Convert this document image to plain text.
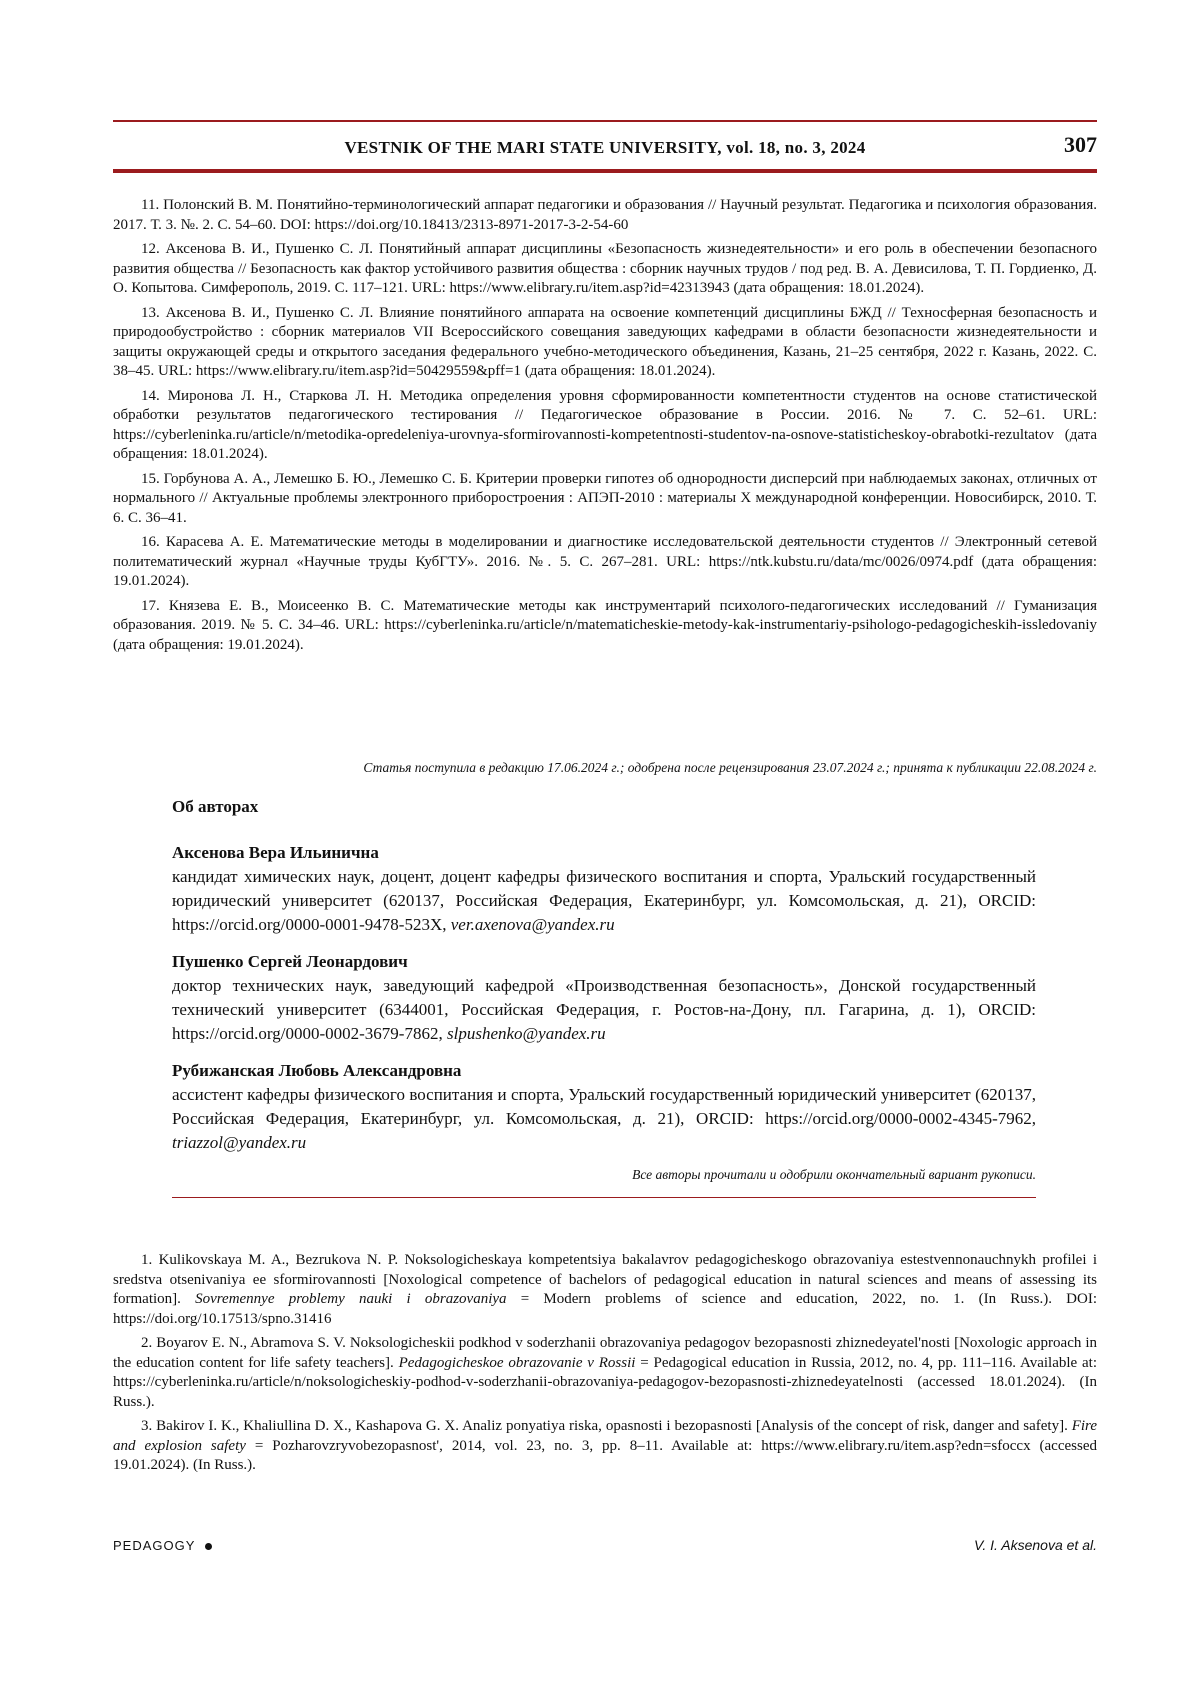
VESTNIK OF THE MARI STATE UNIVERSITY, vol. 18, no. 3, 2024	307

11. Полонский В. М. Понятийно-терминологический аппарат педагогики и образования // Научный результат. Педагогика и психология образования. 2017. Т. 3. №. 2. С. 54–60. DOI: https://doi.org/10.18413/2313-8971-2017-3-2-54-60

12. Аксенова В. И., Пушенко С. Л. Понятийный аппарат дисциплины «Безопасность жизнедеятельности» и его роль в обеспечении безопасного развития общества // Безопасность как фактор устойчивого развития общества : сборник научных трудов / под ред. В. А. Девисилова, Т. П. Гордиенко, Д. О. Копытова. Симферополь, 2019. С. 117–121. URL: https://www.elibrary.ru/item.asp?id=42313943 (дата обращения: 18.01.2024).

13. Аксенова В. И., Пушенко С. Л. Влияние понятийного аппарата на освоение компетенций дисциплины БЖД // Техносферная безопасность и природообустройство : сборник материалов VII Всероссийского совещания заведующих кафедрами в области безопасности жизнедеятельности и защиты окружающей среды и открытого заседания федерального учебно-методического объединения, Казань, 21–25 сентября, 2022 г. Казань, 2022. С. 38–45. URL: https://www.elibrary.ru/item.asp?id=50429559&pff=1 (дата обращения: 18.01.2024).

14. Миронова Л. Н., Старкова Л. Н. Методика определения уровня сформированности компетентности студентов на основе статистической обработки результатов педагогического тестирования // Педагогическое образование в России. 2016. № 7. С. 52–61. URL: https://cyberleninka.ru/article/n/metodika-opredeleniya-urovnya-sformirovannosti-kompetentnosti-studentov-na-osnove-statisticheskoy-obrabotki-rezultatov (дата обращения: 18.01.2024).

15. Горбунова А. А., Лемешко Б. Ю., Лемешко С. Б. Критерии проверки гипотез об однородности дисперсий при наблюдаемых законах, отличных от нормального // Актуальные проблемы электронного приборостроения : АПЭП-2010 : материалы X международной конференции. Новосибирск, 2010. Т. 6. С. 36–41.

16. Карасева А. Е. Математические методы в моделировании и диагностике исследовательской деятельности студентов // Электронный сетевой политематический журнал «Научные труды КубГТУ». 2016. №. 5. С. 267–281. URL: https://ntk.kubstu.ru/data/mc/0026/0974.pdf (дата обращения: 19.01.2024).

17. Князева Е. В., Моисеенко В. С. Математические методы как инструментарий психолого-педагогических исследований // Гуманизация образования. 2019. № 5. С. 34–46. URL: https://cyberleninka.ru/article/n/matematicheskie-metody-kak-instrumentariy-psihologo-pedagogicheskih-issledovaniy (дата обращения: 19.01.2024).

Статья поступила в редакцию 17.06.2024 г.; одобрена после рецензирования 23.07.2024 г.; принята к публикации 22.08.2024 г.
Об авторах
Аксенова Вера Ильинична
кандидат химических наук, доцент, доцент кафедры физического воспитания и спорта, Уральский государственный юридический университет (620137, Российская Федерация, Екатеринбург, ул. Комсомольская, д. 21), ORCID: https://orcid.org/0000-0001-9478-523X, ver.axenova@yandex.ru
Пушенко Сергей Леонардович
доктор технических наук, заведующий кафедрой «Производственная безопасность», Донской государственный технический университет (6344001, Российская Федерация, г. Ростов-на-Дону, пл. Гагарина, д. 1), ORCID: https://orcid.org/0000-0002-3679-7862, slpushenko@yandex.ru
Рубижанская Любовь Александровна
ассистент кафедры физического воспитания и спорта, Уральский государственный юридический университет (620137, Российская Федерация, Екатеринбург, ул. Комсомольская, д. 21), ORCID: https://orcid.org/0000-0002-4345-7962, triazzol@yandex.ru
Все авторы прочитали и одобрили окончательный вариант рукописи.

1. Kulikovskaya M. A., Bezrukova N. P. Noksologicheskaya kompetentsiya bakalavrov pedagogicheskogo obrazovaniya estestvennonauchnykh profilei i sredstva otsenivaniya ee sformirovannosti [Noxological competence of bachelors of pedagogical education in natural sciences and means of assessing its formation]. Sovremennye problemy nauki i obrazovaniya = Modern problems of science and education, 2022, no. 1. (In Russ.). DOI: https://doi.org/10.17513/spno.31416

2. Boyarov E. N., Abramova S. V. Noksologicheskii podkhod v soderzhanii obrazovaniya pedagogov bezopasnosti zhiznedeyatel'nosti [Noxologic approach in the education content for life safety teachers]. Pedagogicheskoe obrazovanie v Rossii = Pedagogical education in Russia, 2012, no. 4, pp. 111–116. Available at: https://cyberleninka.ru/article/n/noksologicheskiy-podhod-v-soderzhanii-obrazovaniya-pedagogov-bezopasnosti-zhiznedeyatelnosti (accessed 18.01.2024). (In Russ.).

3. Bakirov I. K., Khaliullina D. X., Kashapova G. X. Analiz ponyatiya riska, opasnosti i bezopasnosti [Analysis of the concept of risk, danger and safety]. Fire and explosion safety = Pozharovzryvobezopasnost', 2014, vol. 23, no. 3, pp. 8–11. Available at: https://www.elibrary.ru/item.asp?edn=sfoccx (accessed 19.01.2024). (In Russ.).

PEDAGOGY	V. I. Aksenova et al.
